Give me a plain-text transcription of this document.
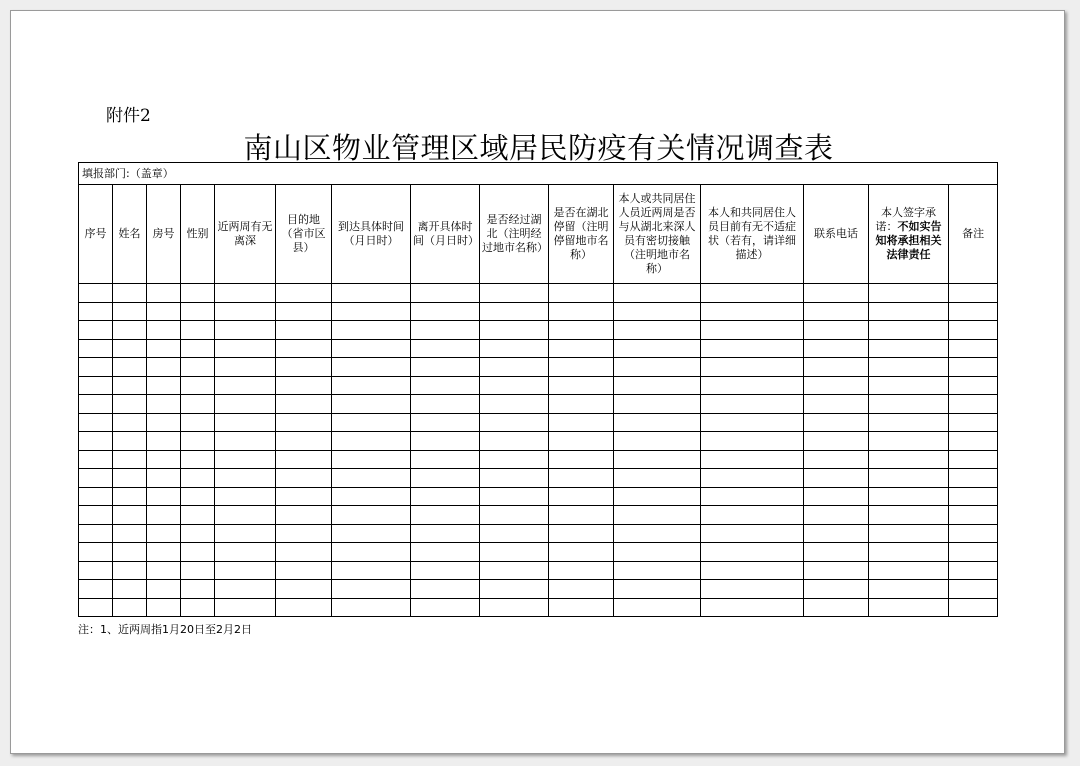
附件2
南山区物业管理区域居民防疫有关情况调查表
填报部门:（盖章）														
序号	姓名	房号	性别	近两周有无离深	目的地（省市区县）	到达具体时间（月日时）	离开具体时间（月日时）	是否经过湖北（注明经过地市名称）	是否在湖北停留（注明停留地市名称）	本人或共同居住人员近两周是否与从湖北来深人员有密切接触（注明地市名称）	本人和共同居住人员目前有无不适症状（若有，请详细描述）	联系电话	本人签字承诺：不如实告知将承担相关法律责任	备注

注：1、近两周指1月20日至2月2日
